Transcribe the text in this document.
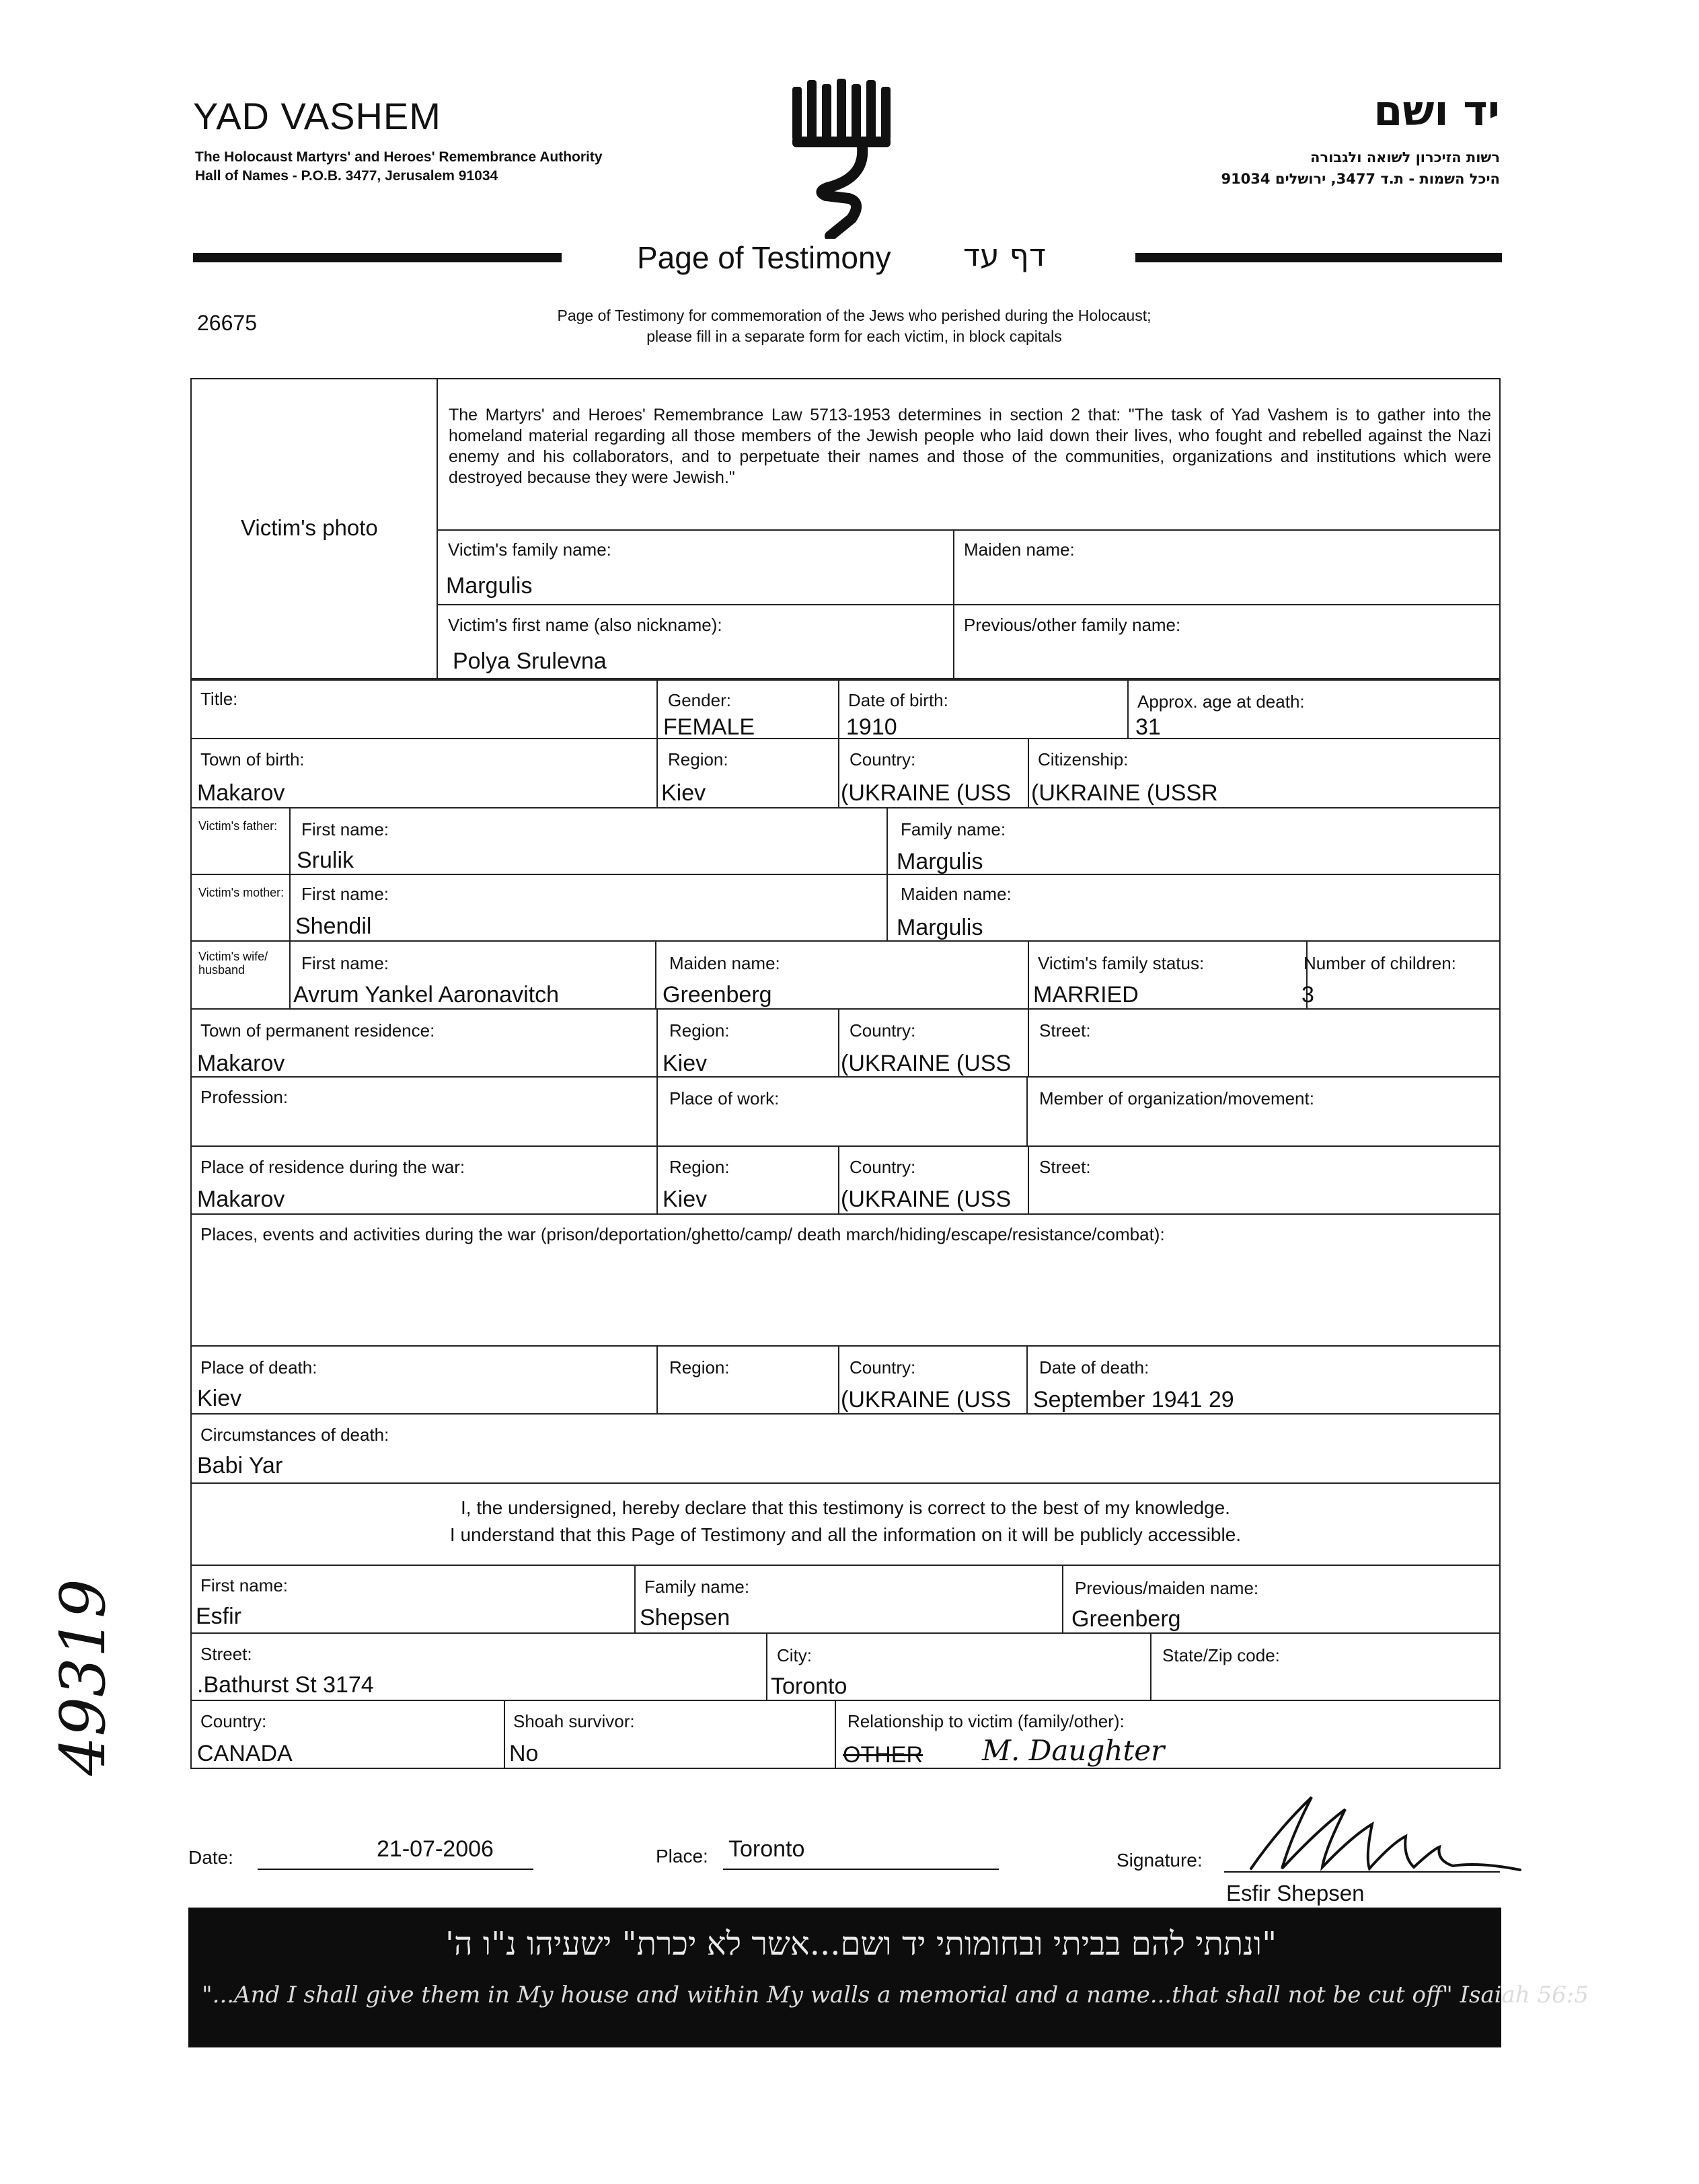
YAD VASHEM
The Holocaust Martyrs' and Heroes' Remembrance Authority
Hall of Names - P.O.B. 3477, Jerusalem 91034
יד ושם
רשות הזיכרון לשואה ולגבורה
היכל השמות - ת.ד 3477, ירושלים 91034
Page of Testimony	דף עד
26675	Page of Testimony for commemoration of the Jews who perished during the Holocaust;
please fill in a separate form for each victim, in block capitals
Victim's photo
The Martyrs' and Heroes' Remembrance Law 5713-1953 determines in section 2 that: "The task of Yad Vashem is to gather into the homeland material regarding all those members of the Jewish people who laid down their lives, who fought and rebelled against the Nazi enemy and his collaborators, and to perpetuate their names and those of the communities, organizations and institutions which were destroyed because they were Jewish."
Victim's family name:
Margulis
Maiden name:
Victim's first name (also nickname):
Polya Srulevna
Previous/other family name:
Title:	Gender:
FEMALE
Date of birth:
1910
Approx. age at death:
31
Town of birth:
Makarov
Region:
Kiev
Country:
(UKRAINE (USS
Citizenship:
(UKRAINE (USSR
Victim's father:	First name:
Srulik
Family name:
Margulis
Victim's mother: First name:
Shendil
Maiden name:
Margulis
Victim's wife/ husband	First name:
Avrum Yankel Aaronavitch
Maiden name:
Greenberg
Victim's family status:
MARRIED
Number of children:
3
Town of permanent residence:
Makarov
Region:
Kiev
Country:
(UKRAINE (USS
Street:
Profession:	Place of work:	Member of organization/movement:
Place of residence during the war:
Makarov
Region:
Kiev
Country:
(UKRAINE (USS
Street:
Places, events and activities during the war (prison/deportation/ghetto/camp/ death march/hiding/escape/resistance/combat):
Place of death:
Kiev
Region:	Country:
(UKRAINE (USS
Date of death:
September 1941 29
Circumstances of death:
Babi Yar
I, the undersigned, hereby declare that this testimony is correct to the best of my knowledge.
I understand that this Page of Testimony and all the information on it will be publicly accessible.
First name:
Esfir
Family name:
Shepsen
Previous/maiden name:
Greenberg
Street:
.Bathurst St 3174
City:
Toronto
State/Zip code:
Country:
CANADA
Shoah survivor:
No
Relationship to victim (family/other):
OTHER M. Daughter
Date:	21-07-2006	Place: Toronto	Signature:
Esfir Shepsen
49319
"ונתתי להם בביתי ובחומותי יד ושם...אשר לא יכרת" ישעיהו נ"ו ה'
"...And I shall give them in My house and within My walls a memorial and a name...that shall not be cut off" Isaiah 56:5
